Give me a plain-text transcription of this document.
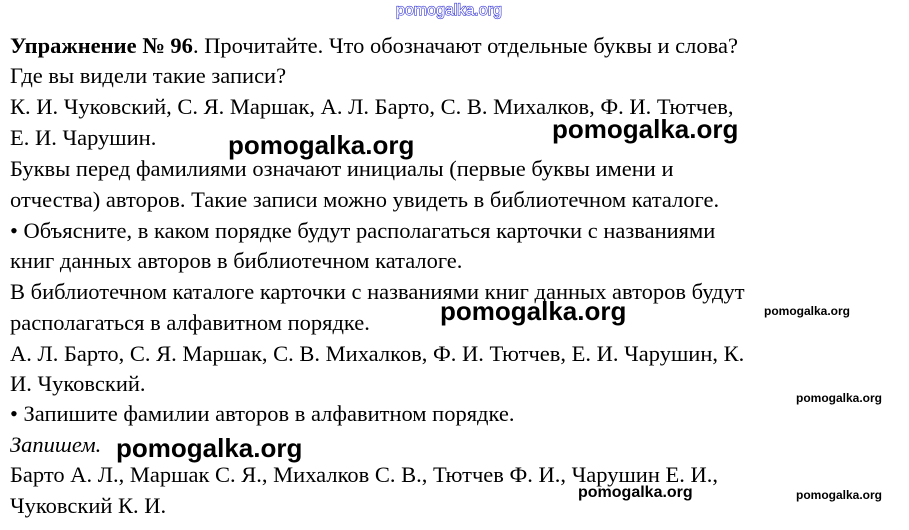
Упражнение № 96. Прочитайте. Что обозначают отдельные буквы и слова?
Где вы видели такие записи?
К. И. Чуковский, С. Я. Маршак, А. Л. Барто, С. В. Михалков, Ф. И. Тютчев,
Е. И. Чарушин.
Буквы перед фамилиями означают инициалы (первые буквы имени и
отчества) авторов. Такие записи можно увидеть в библиотечном каталоге.
• Объясните, в каком порядке будут располагаться карточки с названиями
книг данных авторов в библиотечном каталоге.
В библиотечном каталоге карточки с названиями книг данных авторов будут
располагаться в алфавитном порядке.
А. Л. Барто, С. Я. Маршак, С. В. Михалков, Ф. И. Тютчев, Е. И. Чарушин, К.
И. Чуковский.
• Запишите фамилии авторов в алфавитном порядке.
Запишем.
Барто А. Л., Маршак С. Я., Михалков С. В., Тютчев Ф. И., Чарушин Е. И.,
Чуковский К. И.
pomogalka.org
pomogalka.org
pomogalka.org
pomogalka.org
pomogalka.org
pomogalka.org
pomogalka.org
pomogalka.org
pomogalka.org
